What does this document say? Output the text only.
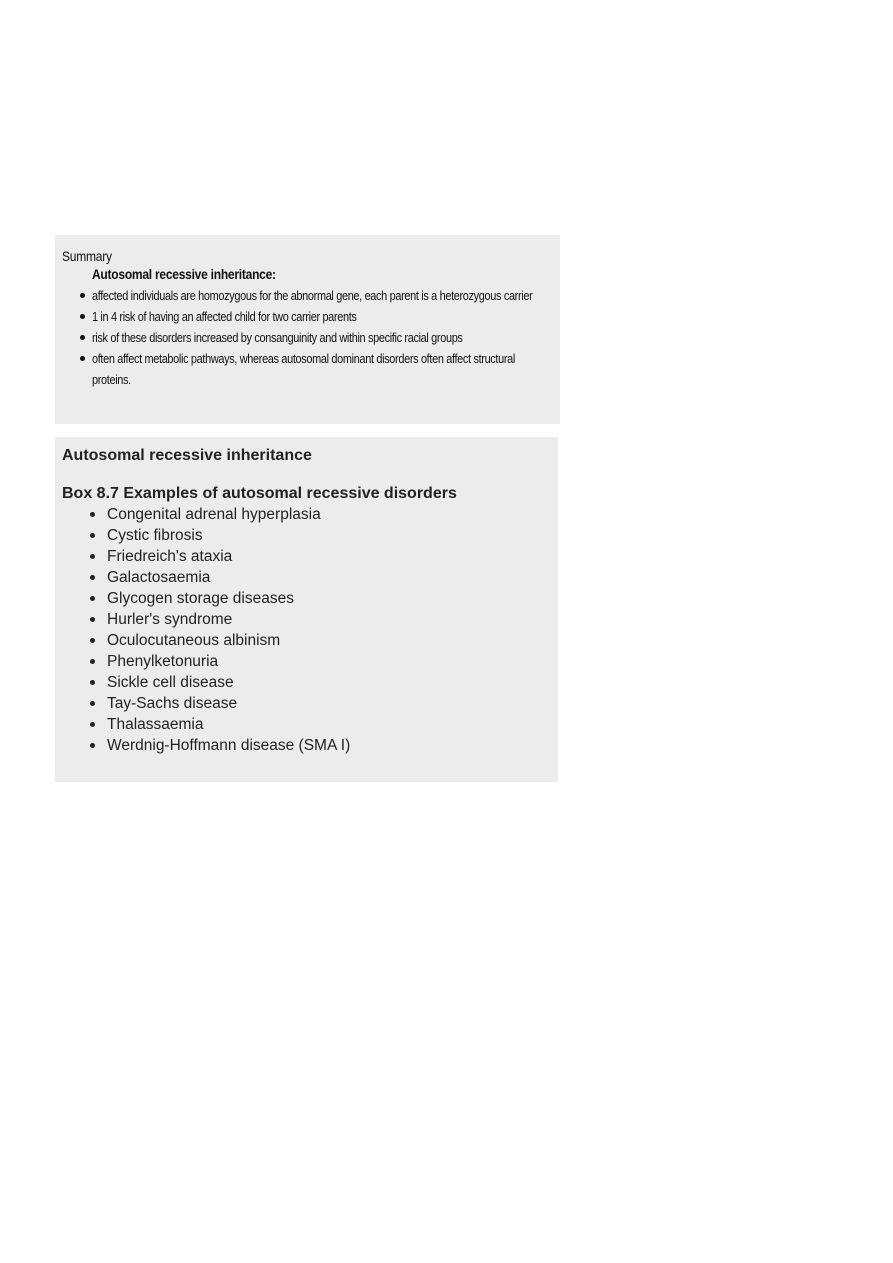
Summary
Autosomal recessive inheritance:
affected individuals are homozygous for the abnormal gene, each parent is a heterozygous carrier
1 in 4 risk of having an affected child for two carrier parents
risk of these disorders increased by consanguinity and within specific racial groups
often affect metabolic pathways, whereas autosomal dominant disorders often affect structural proteins.
Autosomal recessive inheritance
Box 8.7 Examples of autosomal recessive disorders
Congenital adrenal hyperplasia
Cystic fibrosis
Friedreich's ataxia
Galactosaemia
Glycogen storage diseases
Hurler's syndrome
Oculocutaneous albinism
Phenylketonuria
Sickle cell disease
Tay-Sachs disease
Thalassaemia
Werdnig-Hoffmann disease (SMA I)
